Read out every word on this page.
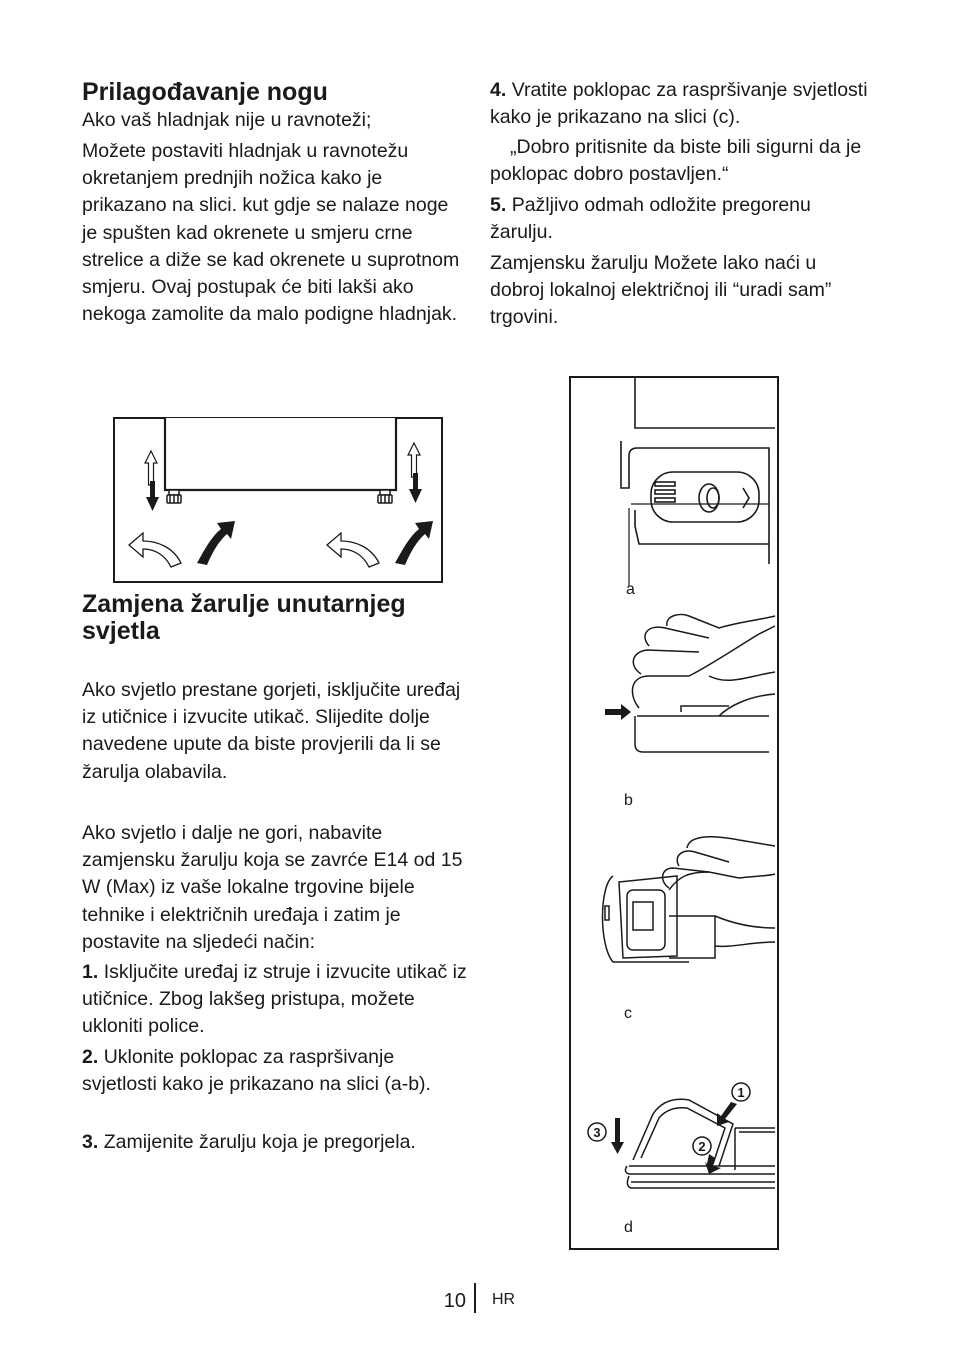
Prilagođavanje nogu

Ako vaš hladnjak nije u ravnoteži;

Možete postaviti hladnjak u ravnotežu okretanjem prednjih nožica kako je prikazano na slici. kut gdje se nalaze noge je spušten kad okrenete u smjeru crne strelice a diže se kad okrenete u suprotnom smjeru. Ovaj postupak će biti lakši ako nekoga zamolite da malo podigne hladnjak.

Zamjena žarulje unutarnjeg svjetla

Ako svjetlo prestane gorjeti, isključite uređaj iz utičnice i izvucite utikač. Slijedite dolje navedene upute da biste provjerili da li se žarulja olabavila.

Ako svjetlo i dalje ne gori, nabavite zamjensku žarulju koja se zavrće E14 od 15 W (Max) iz vaše lokalne trgovine bijele tehnike i električnih uređaja i zatim je postavite na sljedeći način:

1. Isključite uređaj iz struje i izvucite utikač iz utičnice. Zbog lakšeg pristupa, možete ukloniti police.

2. Uklonite poklopac za raspršivanje svjetlosti kako je prikazano na slici (a-b).

3. Zamijenite žarulju koja je pregorjela.

4. Vratite poklopac za raspršivanje svjetlosti kako je prikazano na slici (c).

„Dobro pritisnite da biste bili sigurni da je poklopac dobro postavljen.“

5. Pažljivo odmah odložite pregorenu žarulju.

Zamjensku žarulju Možete lako naći u dobroj lokalnoj električnoj ili “uradi sam” trgovini.

a
b
c
1
2
3
d
10 HR
